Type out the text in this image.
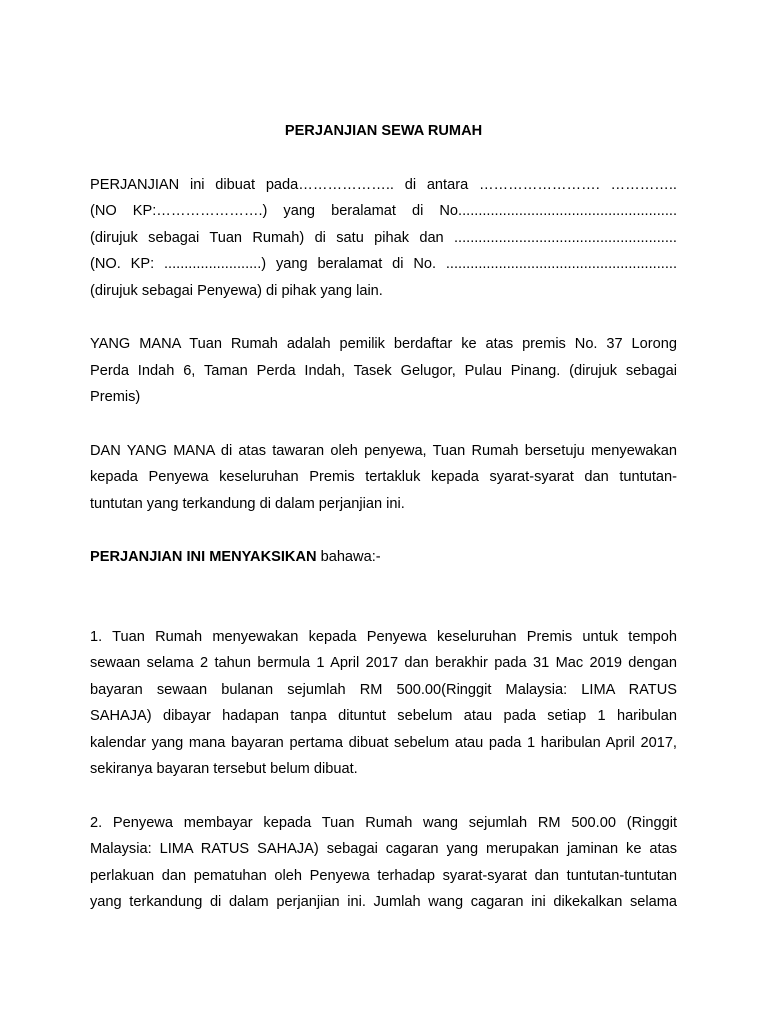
PERJANJIAN SEWA RUMAH
PERJANJIAN ini dibuat pada……………….. di antara ……………………. …………..
(NO KP:………………….) yang beralamat di No......................................................
(dirujuk sebagai Tuan Rumah) di satu pihak dan .......................................................
(NO. KP: ........................) yang beralamat di No. .........................................................
(dirujuk sebagai Penyewa) di pihak yang lain.
YANG MANA Tuan Rumah adalah pemilik berdaftar ke atas premis No. 37 Lorong
Perda Indah 6, Taman Perda Indah, Tasek Gelugor, Pulau Pinang. (dirujuk sebagai
Premis)
DAN YANG MANA di atas tawaran oleh penyewa, Tuan Rumah bersetuju menyewakan
kepada Penyewa keseluruhan Premis tertakluk kepada syarat-syarat dan tuntutan-
tuntutan yang terkandung di dalam perjanjian ini.
PERJANJIAN INI MENYAKSIKAN bahawa:-
1. Tuan Rumah menyewakan kepada Penyewa keseluruhan Premis untuk tempoh
sewaan selama 2 tahun bermula 1 April 2017 dan berakhir pada 31 Mac 2019 dengan
bayaran sewaan bulanan sejumlah RM 500.00(Ringgit Malaysia: LIMA RATUS
SAHAJA) dibayar hadapan tanpa dituntut sebelum atau pada setiap 1 haribulan
kalendar yang mana bayaran pertama dibuat sebelum atau pada 1 haribulan April 2017,
sekiranya bayaran tersebut belum dibuat.
2. Penyewa membayar kepada Tuan Rumah wang sejumlah RM 500.00 (Ringgit
Malaysia: LIMA RATUS SAHAJA) sebagai cagaran yang merupakan jaminan ke atas
perlakuan dan pematuhan oleh Penyewa terhadap syarat-syarat dan tuntutan-tuntutan
yang terkandung di dalam perjanjian ini. Jumlah wang cagaran ini dikekalkan selama
